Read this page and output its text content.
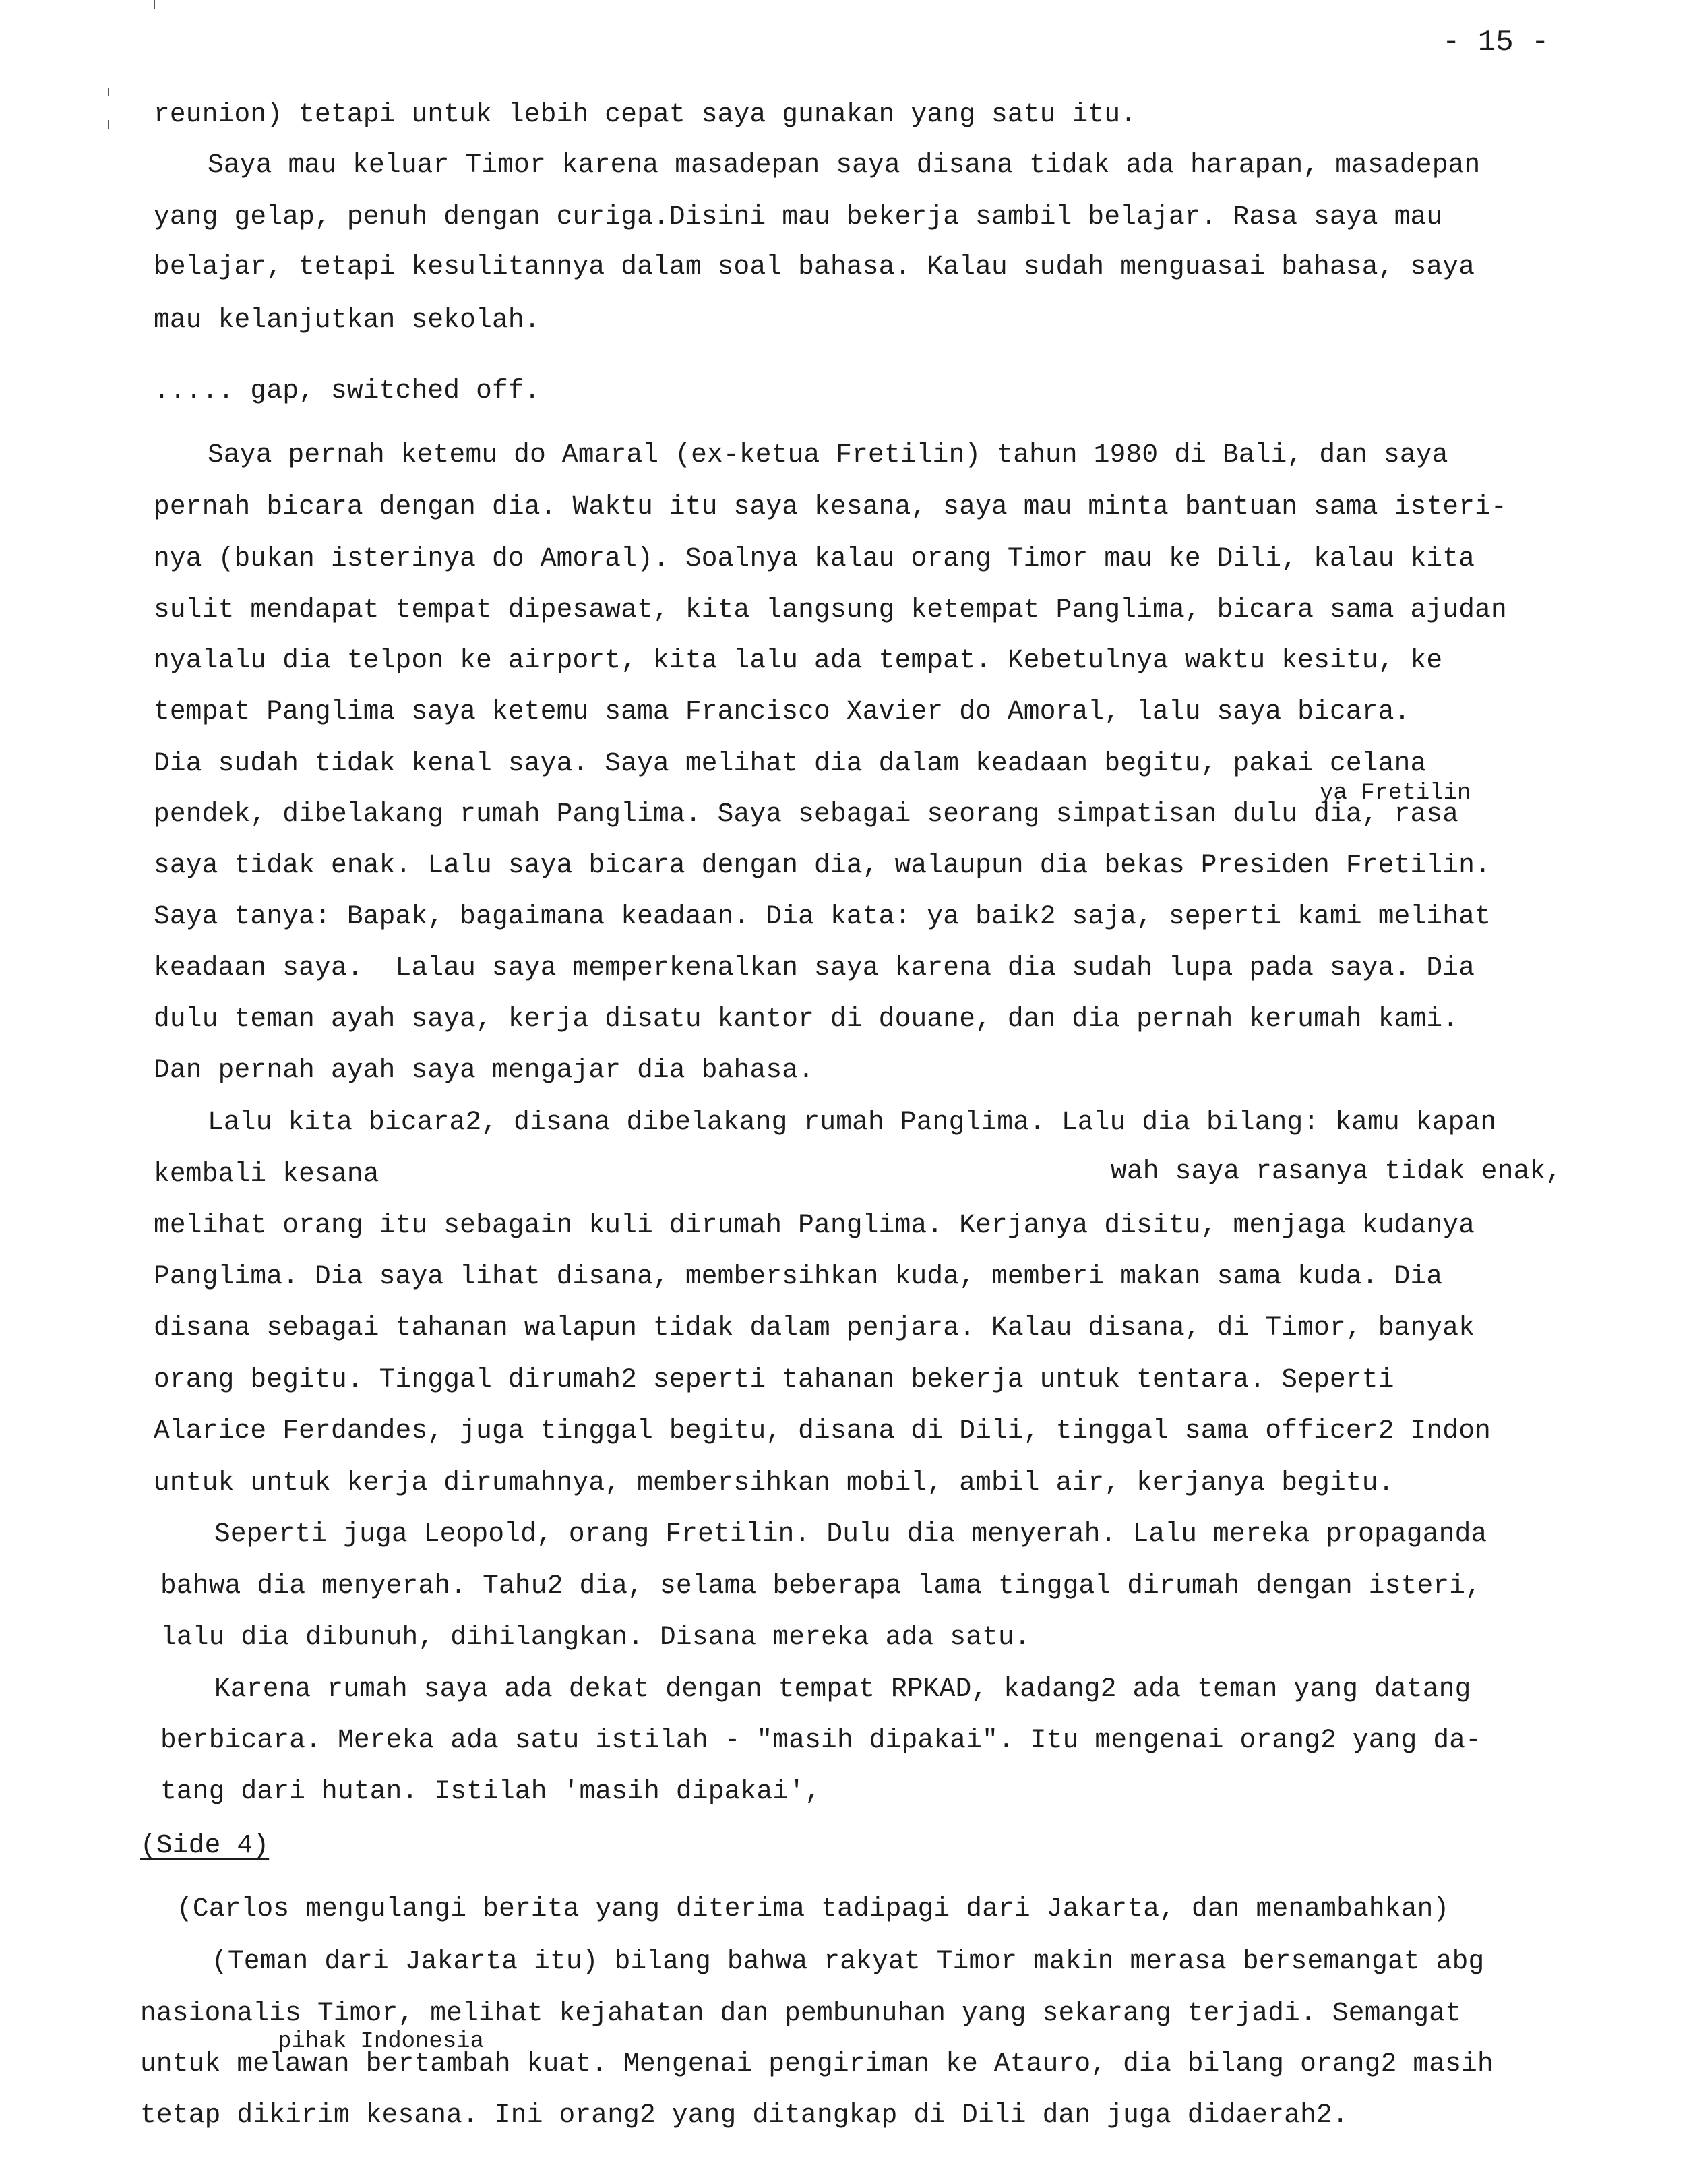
- 15 -
reunion) tetapi untuk lebih cepat saya gunakan yang satu itu.
Saya mau keluar Timor karena masadepan saya disana tidak ada harapan, masadepan
yang gelap, penuh dengan curiga.Disini mau bekerja sambil belajar. Rasa saya mau
belajar, tetapi kesulitannya dalam soal bahasa. Kalau sudah menguasai bahasa, saya
mau kelanjutkan sekolah.
..... gap, switched off.
Saya pernah ketemu do Amaral (ex-ketua Fretilin) tahun 1980 di Bali, dan saya
pernah bicara dengan dia. Waktu itu saya kesana, saya mau minta bantuan sama isteri-
nya (bukan isterinya do Amoral). Soalnya kalau orang Timor mau ke Dili, kalau kita
sulit mendapat tempat dipesawat, kita langsung ketempat Panglima, bicara sama ajudan
nyalalu dia telpon ke airport, kita lalu ada tempat. Kebetulnya waktu kesitu, ke
tempat Panglima saya ketemu sama Francisco Xavier do Amoral, lalu saya bicara.
Dia sudah tidak kenal saya. Saya melihat dia dalam keadaan begitu, pakai celana
ya Fretilin
pendek, dibelakang rumah Panglima. Saya sebagai seorang simpatisan dulu dia, rasa
saya tidak enak. Lalu saya bicara dengan dia, walaupun dia bekas Presiden Fretilin.
Saya tanya: Bapak, bagaimana keadaan. Dia kata: ya baik2 saja, seperti kami melihat
keadaan saya.  Lalau saya memperkenalkan saya karena dia sudah lupa pada saya. Dia
dulu teman ayah saya, kerja disatu kantor di douane, dan dia pernah kerumah kami.
Dan pernah ayah saya mengajar dia bahasa.
Lalu kita bicara2, disana dibelakang rumah Panglima. Lalu dia bilang: kamu kapan
kembali kesana	wah saya rasanya tidak enak,
melihat orang itu sebagain kuli dirumah Panglima. Kerjanya disitu, menjaga kudanya
Panglima. Dia saya lihat disana, membersihkan kuda, memberi makan sama kuda. Dia
disana sebagai tahanan walapun tidak dalam penjara. Kalau disana, di Timor, banyak
orang begitu. Tinggal dirumah2 seperti tahanan bekerja untuk tentara. Seperti
Alarice Ferdandes, juga tinggal begitu, disana di Dili, tinggal sama officer2 Indon
untuk untuk kerja dirumahnya, membersihkan mobil, ambil air, kerjanya begitu.
Seperti juga Leopold, orang Fretilin. Dulu dia menyerah. Lalu mereka propaganda
bahwa dia menyerah. Tahu2 dia, selama beberapa lama tinggal dirumah dengan isteri,
lalu dia dibunuh, dihilangkan. Disana mereka ada satu.
Karena rumah saya ada dekat dengan tempat RPKAD, kadang2 ada teman yang datang
berbicara. Mereka ada satu istilah - "masih dipakai". Itu mengenai orang2 yang da-
tang dari hutan. Istilah 'masih dipakai',
(Side 4)
(Carlos mengulangi berita yang diterima tadipagi dari Jakarta, dan menambahkan)
(Teman dari Jakarta itu) bilang bahwa rakyat Timor makin merasa bersemangat abg
nasionalis Timor, melihat kejahatan dan pembunuhan yang sekarang terjadi. Semangat
pihak Indonesia
untuk melawan bertambah kuat. Mengenai pengiriman ke Atauro, dia bilang orang2 masih
tetap dikirim kesana. Ini orang2 yang ditangkap di Dili dan juga didaerah2.
